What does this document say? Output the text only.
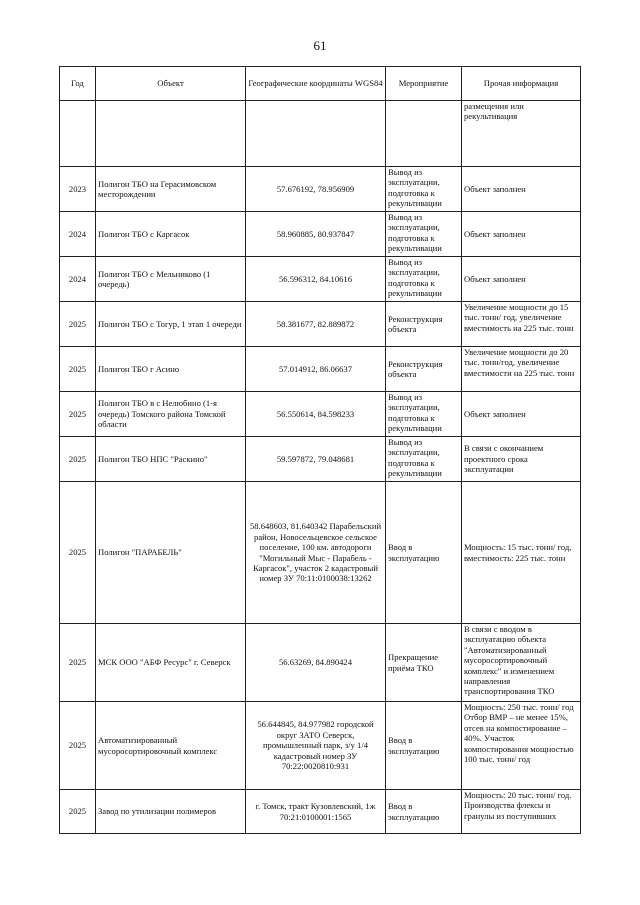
61
Год	Объект	Географические координаты WGS84	Мероприятие	Прочая информация
				размещения или рекультивация
2023	Полигон ТБО на Герасимовском месторождении	57.676192, 78.956909	Вывод из эксплуатации, подготовка к рекультивации	Объект заполнен
2024	Полигон ТБО с Каргасок	58.960885, 80.937847	Вывод из эксплуатации, подготовка к рекультивации	Объект заполнен
2024	Полигон ТБО с Мельниково (1 очередь)	56.596312, 84.10616	Вывод из эксплуатации, подготовка к рекультивации	Объект заполнен
2025	Полигон ТБО с Тогур, 1 этап 1 очереди	58.381677, 82.889872	Реконструкция объекта	Увеличение мощности до 15 тыс. тонн/ год, увеличение вместимость на 225 тыс. тонн
2025	Полигон ТБО г Асино	57.014912, 86.06637	Реконструкция объекта	Увеличение мощности до 20 тыс. тонн/год, увеличение вместимости на 225 тыс. тонн
2025	Полигон ТБО в с Нелюбино (1-я очередь) Томского района Томской области	56.550614, 84.598233	Вывод из эксплуатации, подготовка к рекультивации	Объект заполнен
2025	Полигон ТБО НПС "Раскино"	59.597872, 79.048681	Вывод из эксплуатации, подготовка к рекультивации	В связи с окончанием проектного срока эксплуатации
2025	Полигон "ПАРАБЕЛЬ"	58.648603, 81.640342 Парабельский район, Новосельцевское сельское поселение, 100 км. автодороги "Могильный Мыс - Парабель - Каргасок", участок 2 кадастровый номер ЗУ 70:11:0100038:13262	Ввод в эксплуатацию	Мощность: 15 тыс. тонн/ год, вместимость: 225 тыс. тонн
2025	МСК ООО "АБФ Ресурс" г. Северск	56.63269, 84.890424	Прекращение приёма ТКО	В связи с вводом в эксплуатацию объекта "Автоматизированный мусоросортировочный комплекс" и изменением направления транспортирования ТКО
2025	Автоматизированный мусоросортировочный комплекс	56.644845, 84.977982 городской округ ЗАТО Северск, промышленный парк, з/у 1/4 кадастровый номер ЗУ 70:22:0020810:931	Ввод в эксплуатацию	Мощность: 250 тыс. тонн/ год Отбор ВМР – не менее 15%, отсев на компостирование – 40%. Участок компостирования мощностью 100 тыс. тонн/ год
2025	Завод по утилизации полимеров	г. Томск, тракт Кузовлевский, 1ж 70:21:0100001:1565	Ввод в эксплуатацию	Мощность: 20 тыс. тонн/ год. Производства флексы и гранулы из поступивших
